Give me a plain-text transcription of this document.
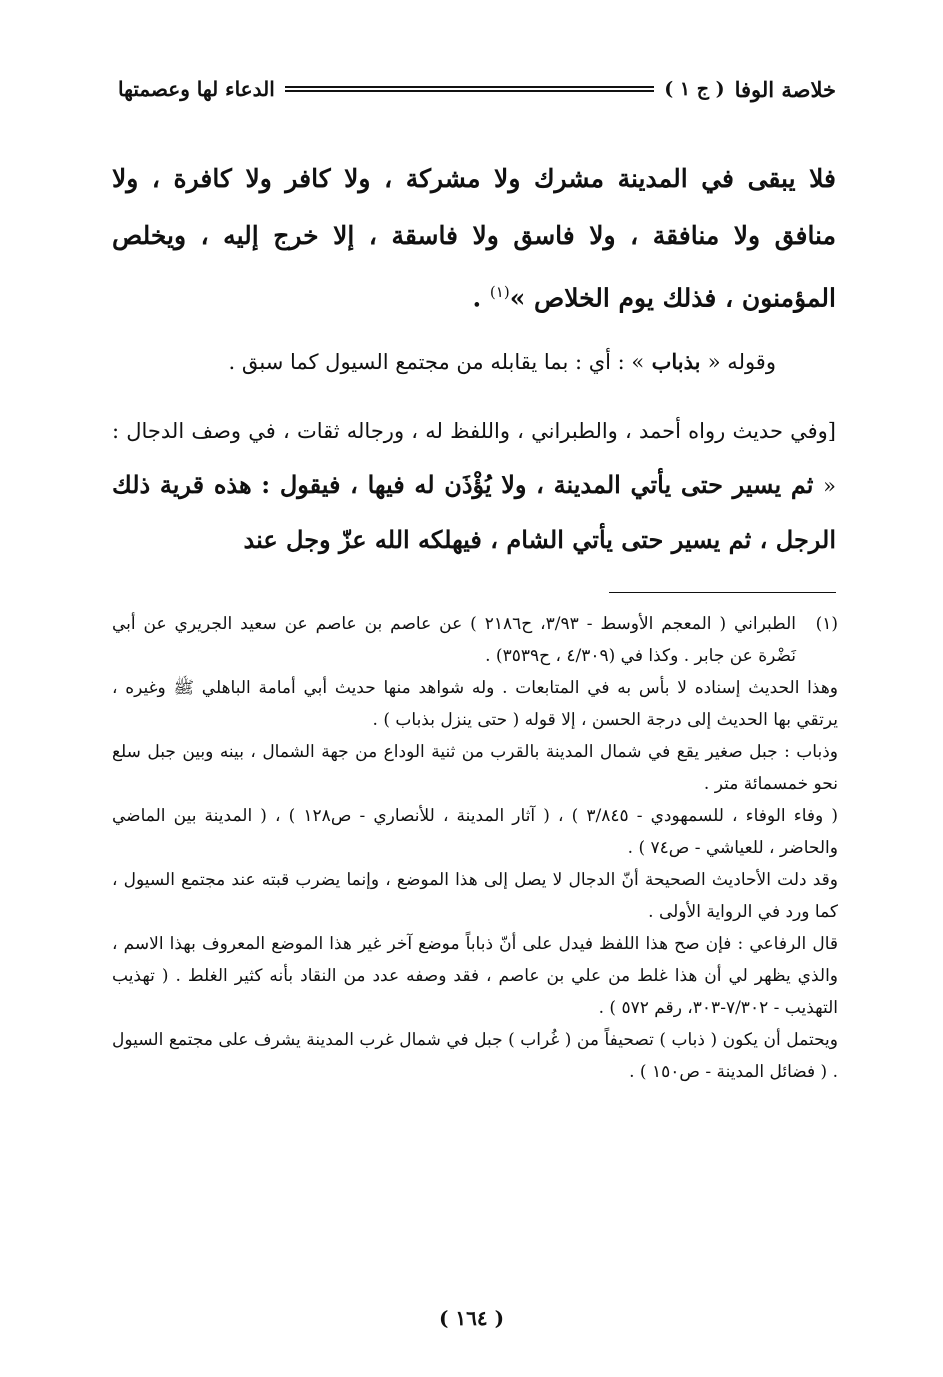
خلاصة الوفا
( ج ١ )
الدعاء لها وعصمتها

فلا يبقى في المدينة مشرك ولا مشركة ، ولا كافر ولا كافرة ، ولا منافق ولا منافقة ، ولا فاسق ولا فاسقة ، إلا خرج إليه ، ويخلص المؤمنون ، فذلك يوم الخلاص »$^{(١)}$ .

وقوله « بذباب » : أي : بما يقابله من مجتمع السيول كما سبق .

[وفي حديث رواه أحمد ، والطبراني ، واللفظ له ، ورجاله ثقات ، في وصف الدجال : « ثم يسير حتى يأتي المدينة ، ولا يُؤْذَن له فيها ، فيقول : هذه قرية ذلك الرجل ، ثم يسير حتى يأتي الشام ، فيهلكه الله عزّ وجل عند

(١)

الطبراني ( المعجم الأوسط - ٣/٩٣، ح٢١٨٦ ) عن عاصم بن عاصم عن سعيد الجريري عن أبي نَضْرة عن جابر . وكذا في (٤/٣٠٩ ، ح٣٥٣٩) .

وهذا الحديث إسناده لا بأس به في المتابعات . وله شواهد منها حديث أبي أمامة الباهلي ﷺ وغيره ، يرتقي بها الحديث إلى درجة الحسن ، إلا قوله ( حتى ينزل بذباب ) .

وذباب : جبل صغير يقع في شمال المدينة بالقرب من ثنية الوداع من جهة الشمال ، بينه وبين جبل سلع نحو خمسمائة متر .

( وفاء الوفاء ، للسمهودي - ٣/٨٤٥ ) ، ( آثار المدينة ، للأنصاري - ص١٢٨ ) ، ( المدينة بين الماضي والحاضر ، للعياشي - ص٧٤ ) .

وقد دلت الأحاديث الصحيحة أنّ الدجال لا يصل إلى هذا الموضع ، وإنما يضرب قبته عند مجتمع السيول ، كما ورد في الرواية الأولى .

قال الرفاعي : فإن صح هذا اللفظ فيدل على أنّ ذباباً موضع آخر غير هذا الموضع المعروف بهذا الاسم ، والذي يظهر لي أن هذا غلط من علي بن عاصم ، فقد وصفه عدد من النقاد بأنه كثير الغلط . ( تهذيب التهذيب - ٧/٣٠٢-٣٠٣، رقم ٥٧٢ ) .

ويحتمل أن يكون ( ذباب ) تصحيفاً من ( غُراب ) جبل في شمال غرب المدينة يشرف على مجتمع السيول . ( فضائل المدينة - ص١٥٠ ) .

( ١٦٤ )
